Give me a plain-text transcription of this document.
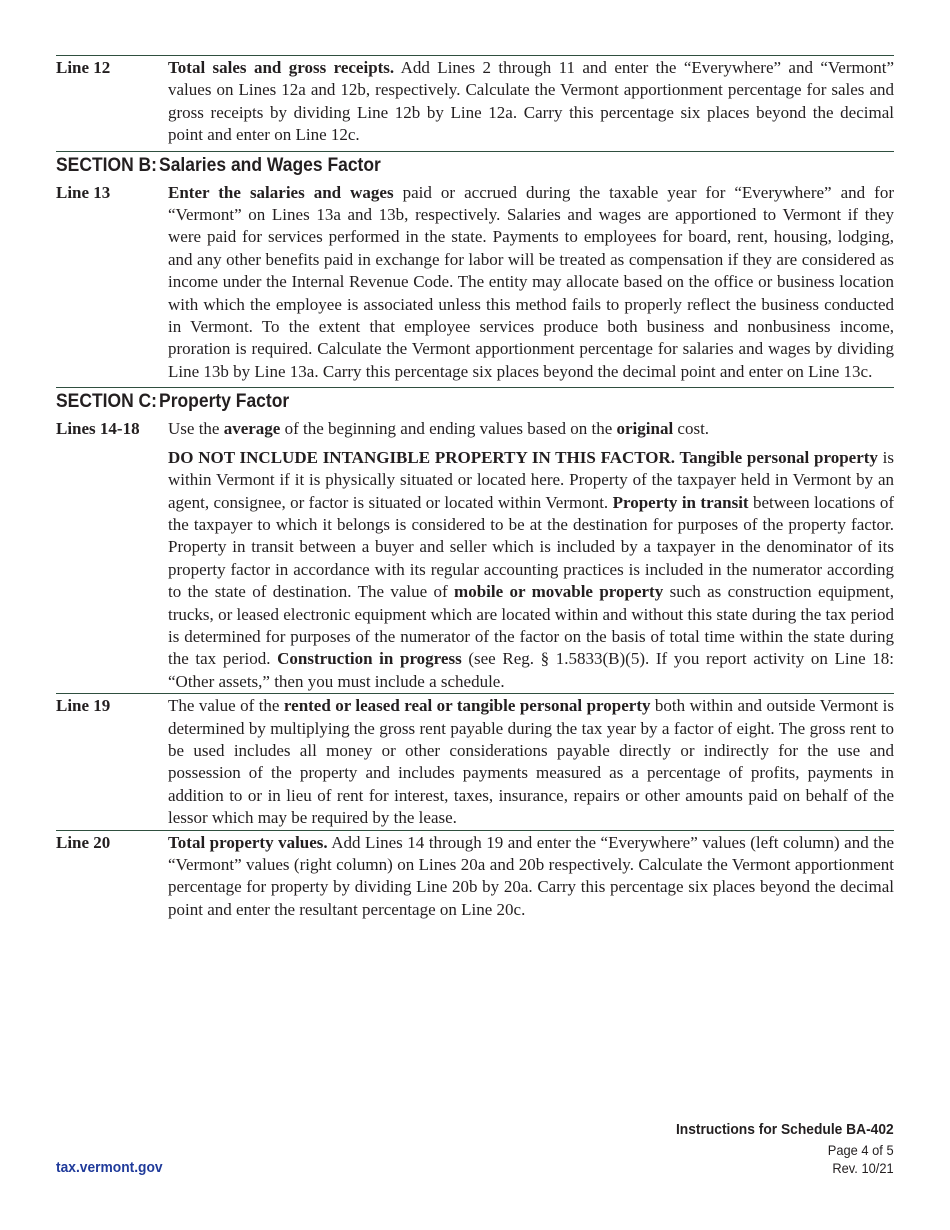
Line 12	Total sales and gross receipts. Add Lines 2 through 11 and enter the “Everywhere” and “Vermont” values on Lines 12a and 12b, respectively. Calculate the Vermont apportionment percentage for sales and gross receipts by dividing Line 12b by Line 12a. Carry this percentage six places beyond the decimal point and enter on Line 12c.

SECTION B: Salaries and Wages Factor
Line 13	Enter the salaries and wages paid or accrued during the taxable year for “Everywhere” and for “Vermont” on Lines 13a and 13b, respectively. Salaries and wages are apportioned to Vermont if they were paid for services performed in the state. Payments to employees for board, rent, housing, lodging, and any other benefits paid in exchange for labor will be treated as compensation if they are considered as income under the Internal Revenue Code. The entity may allocate based on the office or business location with which the employee is associated unless this method fails to properly reflect the business conducted in Vermont. To the extent that employee services produce both business and nonbusiness income, proration is required. Calculate the Vermont apportionment percentage for salaries and wages by dividing Line 13b by Line 13a. Carry this percentage six places beyond the decimal point and enter on Line 13c.

SECTION C: Property Factor
Lines 14-18	Use the average of the beginning and ending values based on the original cost.

DO NOT INCLUDE INTANGIBLE PROPERTY IN THIS FACTOR. Tangible personal property is within Vermont if it is physically situated or located here. Property of the taxpayer held in Vermont by an agent, consignee, or factor is situated or located within Vermont. Property in transit between locations of the taxpayer to which it belongs is considered to be at the destination for purposes of the property factor. Property in transit between a buyer and seller which is included by a taxpayer in the denominator of its property factor in accordance with its regular accounting practices is included in the numerator according to the state of destination. The value of mobile or movable property such as construction equipment, trucks, or leased electronic equipment which are located within and without this state during the tax period is determined for purposes of the numerator of the factor on the basis of total time within the state during the tax period. Construction in progress (see Reg. § 1.5833(B)(5). If you report activity on Line 18: “Other assets,” then you must include a schedule.

Line 19	The value of the rented or leased real or tangible personal property both within and outside Vermont is determined by multiplying the gross rent payable during the tax year by a factor of eight. The gross rent to be used includes all money or other considerations payable directly or indirectly for the use and possession of the property and includes payments measured as a percentage of profits, payments in addition to or in lieu of rent for interest, taxes, insurance, repairs or other amounts paid on behalf of the lessor which may be required by the lease.

Line 20	Total property values. Add Lines 14 through 19 and enter the “Everywhere” values (left column) and the “Vermont” values (right column) on Lines 20a and 20b respectively. Calculate the Vermont apportionment percentage for property by dividing Line 20b by 20a. Carry this percentage six places beyond the decimal point and enter the resultant percentage on Line 20c.

Instructions for Schedule BA-402
Page 4 of 5
Rev. 10/21
tax.vermont.gov
